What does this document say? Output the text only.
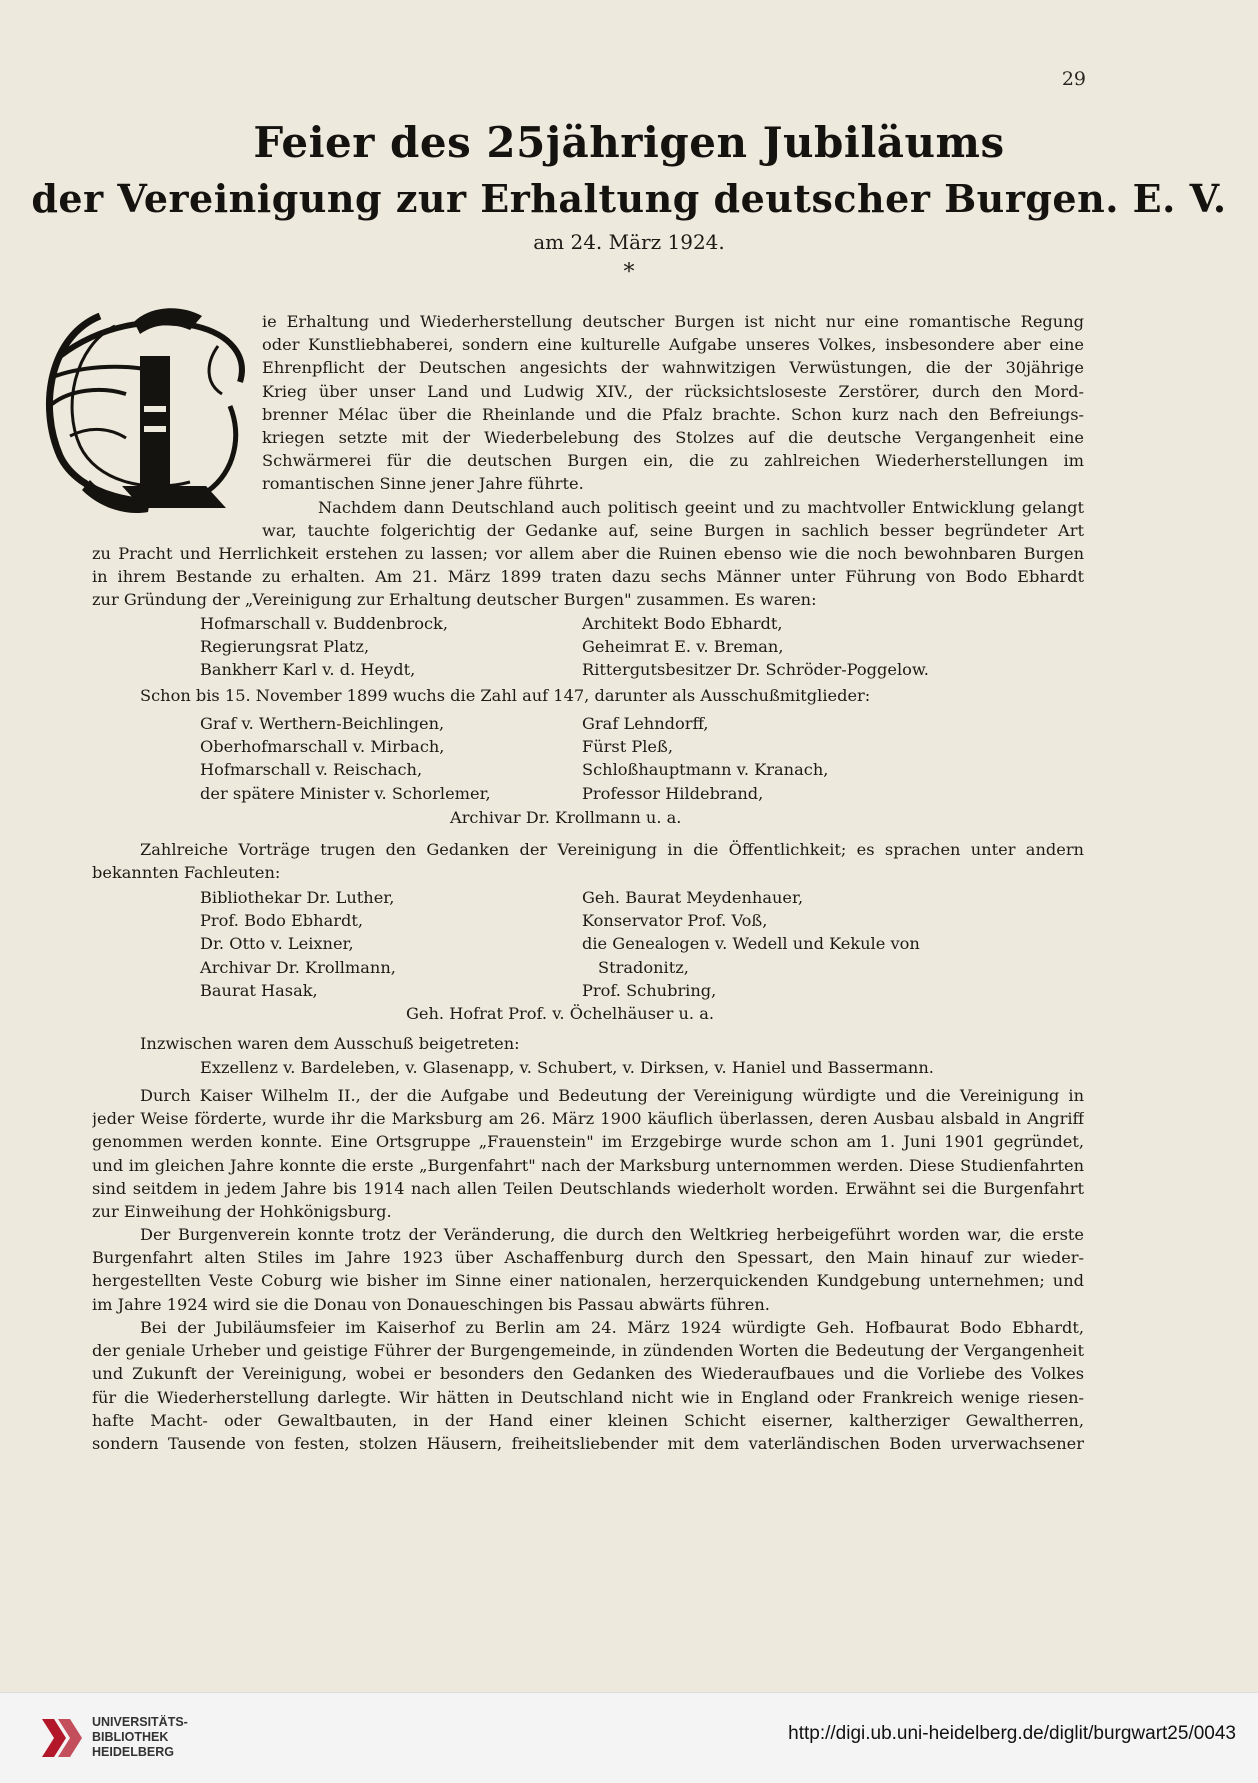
29
Feier des 25jährigen Jubiläums
der Vereinigung zur Erhaltung deutscher Burgen. E. V.
am 24. März 1924.
*
ie Erhaltung und Wiederherstellung deutscher Burgen ist nicht nur eine romantische Regung
oder Kunstliebhaberei, sondern eine kulturelle Aufgabe unseres Volkes, insbesondere aber eine
Ehrenpflicht der Deutschen angesichts der wahnwitzigen Verwüstungen, die der 30jährige
Krieg über unser Land und Ludwig XIV., der rücksichtsloseste Zerstörer, durch den Mord-
brenner Mélac über die Rheinlande und die Pfalz brachte. Schon kurz nach den Befreiungs-
kriegen setzte mit der Wiederbelebung des Stolzes auf die deutsche Vergangenheit eine
Schwärmerei für die deutschen Burgen ein, die zu zahlreichen Wiederherstellungen im
romantischen Sinne jener Jahre führte.
Nachdem dann Deutschland auch politisch geeint und zu machtvoller Entwicklung gelangt
war, tauchte folgerichtig der Gedanke auf, seine Burgen in sachlich besser begründeter Art
zu Pracht und Herrlichkeit erstehen zu lassen; vor allem aber die Ruinen ebenso wie die noch bewohnbaren Burgen
in ihrem Bestande zu erhalten. Am 21. März 1899 traten dazu sechs Männer unter Führung von Bodo Ebhardt
zur Gründung der „Vereinigung zur Erhaltung deutscher Burgen" zusammen. Es waren:
Hofmarschall v. Buddenbrock,
Regierungsrat Platz,
Bankherr Karl v. d. Heydt,
Architekt Bodo Ebhardt,
Geheimrat E. v. Breman,
Rittergutsbesitzer Dr. Schröder-Poggelow.
Schon bis 15. November 1899 wuchs die Zahl auf 147, darunter als Ausschußmitglieder:
Graf v. Werthern-Beichlingen,
Oberhofmarschall v. Mirbach,
Hofmarschall v. Reischach,
der spätere Minister v. Schorlemer,
Graf Lehndorff,
Fürst Pleß,
Schloßhauptmann v. Kranach,
Professor Hildebrand,
Archivar Dr. Krollmann u. a.
Zahlreiche Vorträge trugen den Gedanken der Vereinigung in die Öffentlichkeit; es sprachen unter andern
bekannten Fachleuten:
Bibliothekar Dr. Luther,
Prof. Bodo Ebhardt,
Dr. Otto v. Leixner,
Archivar Dr. Krollmann,
Baurat Hasak,
Geh. Baurat Meydenhauer,
Konservator Prof. Voß,
die Genealogen v. Wedell und Kekule von
Stradonitz,
Prof. Schubring,
Geh. Hofrat Prof. v. Öchelhäuser u. a.
Inzwischen waren dem Ausschuß beigetreten:
Exzellenz v. Bardeleben, v. Glasenapp, v. Schubert, v. Dirksen, v. Haniel und Bassermann.
Durch Kaiser Wilhelm II., der die Aufgabe und Bedeutung der Vereinigung würdigte und die Vereinigung in
jeder Weise förderte, wurde ihr die Marksburg am 26. März 1900 käuflich überlassen, deren Ausbau alsbald in Angriff
genommen werden konnte. Eine Ortsgruppe „Frauenstein" im Erzgebirge wurde schon am 1. Juni 1901 gegründet,
und im gleichen Jahre konnte die erste „Burgenfahrt" nach der Marksburg unternommen werden. Diese Studienfahrten
sind seitdem in jedem Jahre bis 1914 nach allen Teilen Deutschlands wiederholt worden. Erwähnt sei die Burgenfahrt
zur Einweihung der Hohkönigsburg.
Der Burgenverein konnte trotz der Veränderung, die durch den Weltkrieg herbeigeführt worden war, die erste
Burgenfahrt alten Stiles im Jahre 1923 über Aschaffenburg durch den Spessart, den Main hinauf zur wieder-
hergestellten Veste Coburg wie bisher im Sinne einer nationalen, herzerquickenden Kundgebung unternehmen; und
im Jahre 1924 wird sie die Donau von Donaueschingen bis Passau abwärts führen.
Bei der Jubiläumsfeier im Kaiserhof zu Berlin am 24. März 1924 würdigte Geh. Hofbaurat Bodo Ebhardt,
der geniale Urheber und geistige Führer der Burgengemeinde, in zündenden Worten die Bedeutung der Vergangenheit
und Zukunft der Vereinigung, wobei er besonders den Gedanken des Wiederaufbaues und die Vorliebe des Volkes
für die Wiederherstellung darlegte. Wir hätten in Deutschland nicht wie in England oder Frankreich wenige riesen-
hafte Macht- oder Gewaltbauten, in der Hand einer kleinen Schicht eiserner, kaltherziger Gewaltherren,
sondern Tausende von festen, stolzen Häusern, freiheitsliebender mit dem vaterländischen Boden urverwachsener
UNIVERSITÄTS-
BIBLIOTHEK
HEIDELBERG
http://digi.ub.uni-heidelberg.de/diglit/burgwart25/0043
